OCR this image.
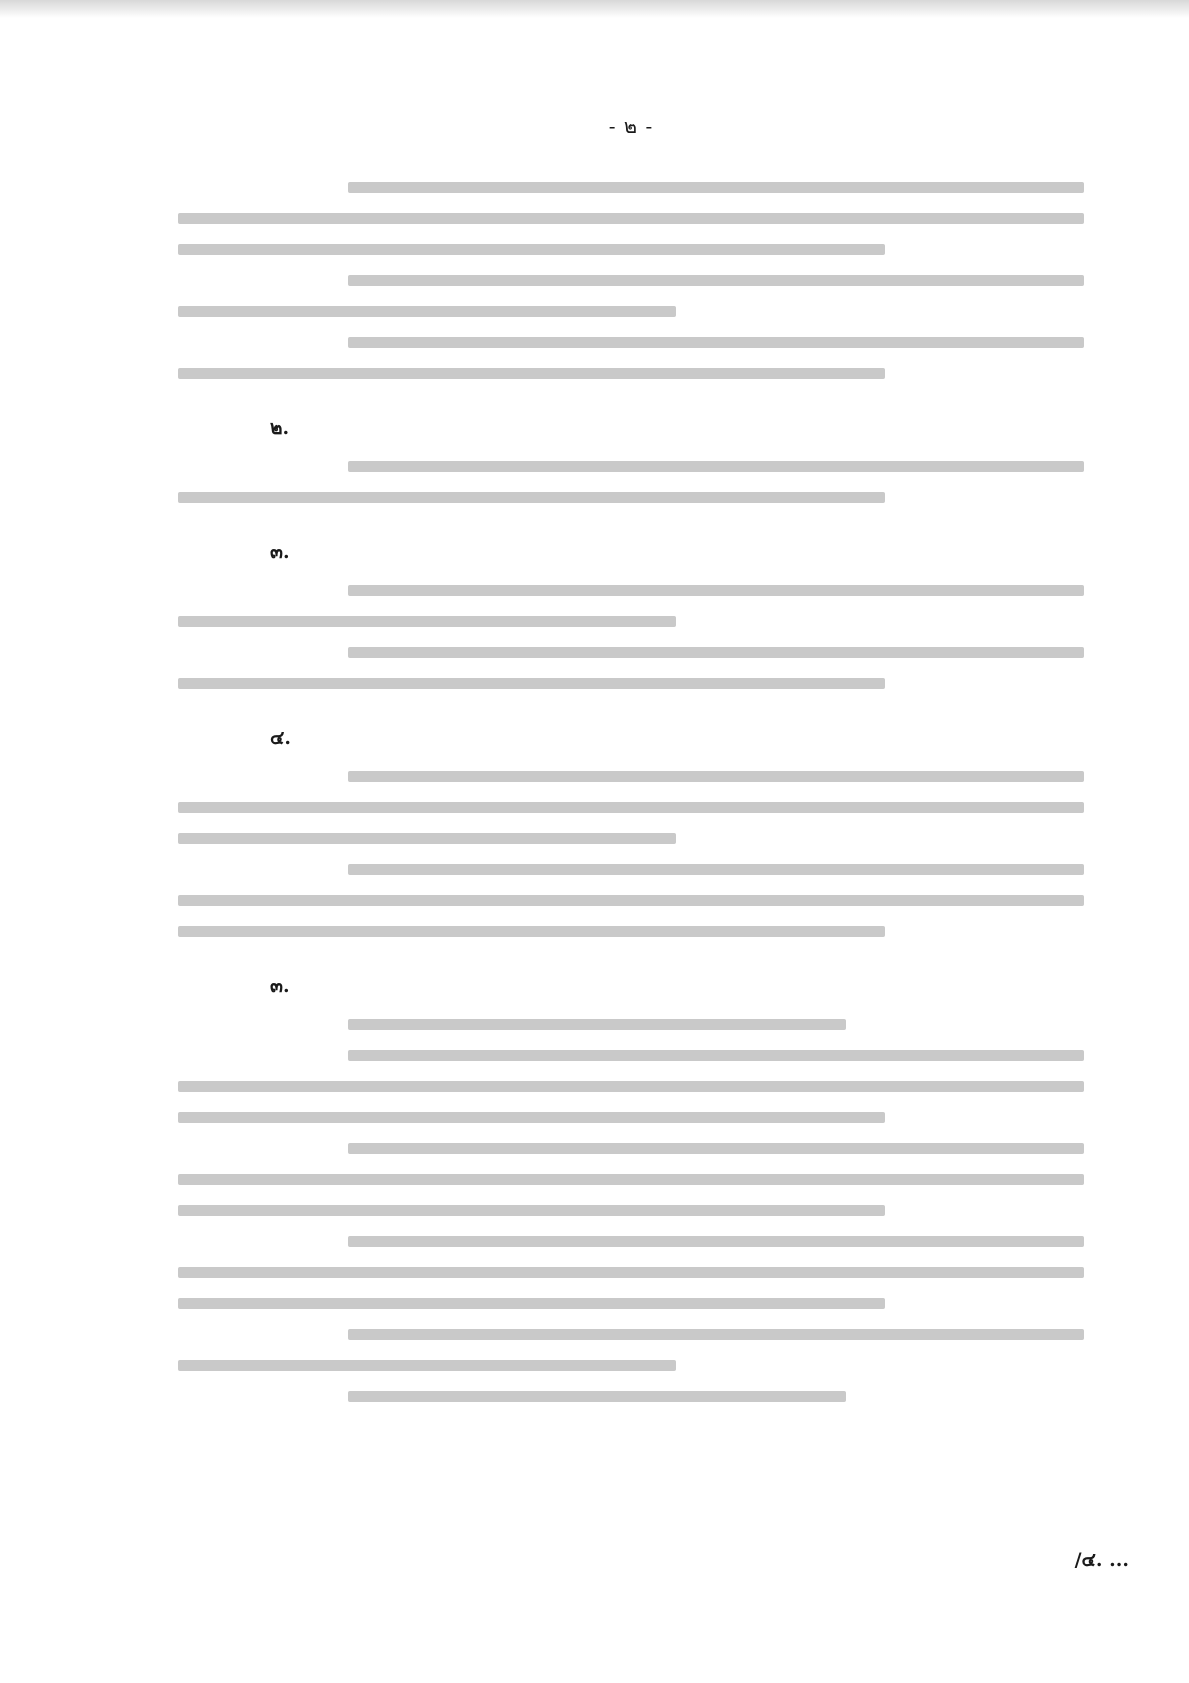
- ๒ -
๒.
๓.
๔.
๓.
/๔. ...
